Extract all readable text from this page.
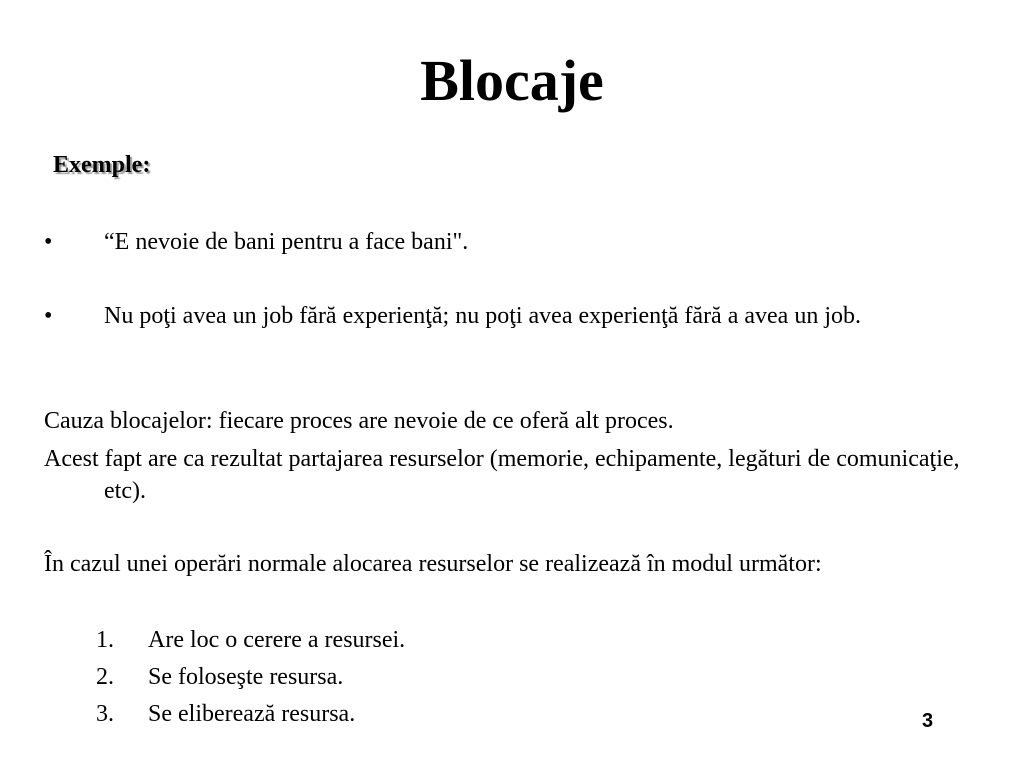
Blocaje
Exemple:
• “E nevoie de bani pentru a face bani".
• Nu poţi avea un job fără experienţă; nu poţi avea experienţă fără a avea un job.
Cauza blocajelor: fiecare proces are nevoie de ce oferă alt proces.
Acest fapt are ca rezultat partajarea resurselor (memorie, echipamente, legături de comunicaţie, etc).
În cazul unei operări normale alocarea resurselor se realizează în modul următor:
1. Are loc o cerere a resursei.
2. Se foloseşte resursa.
3. Se eliberează resursa.	3
